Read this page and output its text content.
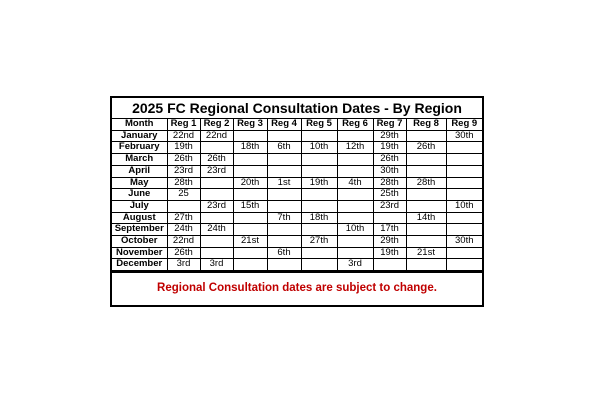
2025 FC Regional Consultation Dates - By Region
Month	Reg 1	Reg 2	Reg 3	Reg 4	Reg 5	Reg 6	Reg 7	Reg 8	Reg 9
January	22nd	22nd					29th		30th
February	19th		18th	6th	10th	12th	19th	26th	
March	26th	26th					26th		
April	23rd	23rd					30th		
May	28th		20th	1st	19th	4th	28th	28th	
June	25						25th		
July		23rd	15th				23rd		10th
August	27th			7th	18th			14th	
September	24th	24th				10th	17th		
October	22nd		21st		27th		29th		30th
November	26th			6th			19th	21st	
December	3rd	3rd				3rd			
Regional Consultation dates are subject to change.
